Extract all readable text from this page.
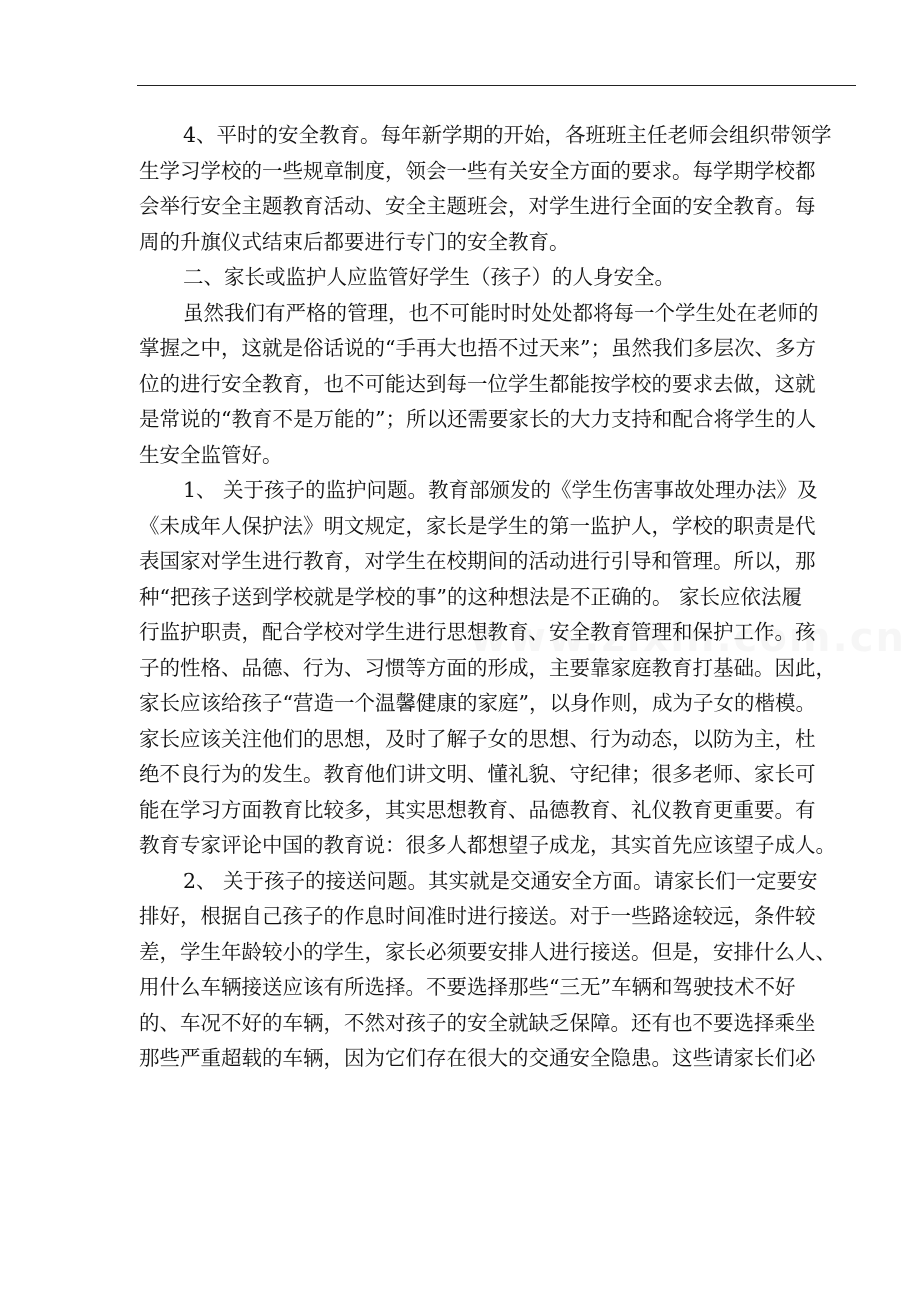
4、平时的安全教育。每年新学期的开始，各班班主任老师会组织带领学
生学习学校的一些规章制度，领会一些有关安全方面的要求。每学期学校都
会举行安全主题教育活动、安全主题班会，对学生进行全面的安全教育。每
周的升旗仪式结束后都要进行专门的安全教育。
二、家长或监护人应监管好学生（孩子）的人身安全。
虽然我们有严格的管理，也不可能时时处处都将每一个学生处在老师的
掌握之中，这就是俗话说的“手再大也捂不过天来”；虽然我们多层次、多方
位的进行安全教育，也不可能达到每一位学生都能按学校的要求去做，这就
是常说的“教育不是万能的”；所以还需要家长的大力支持和配合将学生的人
生安全监管好。
1、 关于孩子的监护问题。教育部颁发的《学生伤害事故处理办法》及
《未成年人保护法》明文规定，家长是学生的第一监护人，学校的职责是代
表国家对学生进行教育，对学生在校期间的活动进行引导和管理。所以，那
种“把孩子送到学校就是学校的事”的这种想法是不正确的。 家长应依法履
行监护职责，配合学校对学生进行思想教育、安全教育管理和保护工作。孩
子的性格、品德、行为、习惯等方面的形成，主要靠家庭教育打基础。因此，
家长应该给孩子“营造一个温馨健康的家庭”，以身作则，成为子女的楷模。
家长应该关注他们的思想，及时了解子女的思想、行为动态，以防为主，杜
绝不良行为的发生。教育他们讲文明、懂礼貌、守纪律；很多老师、家长可
能在学习方面教育比较多，其实思想教育、品德教育、礼仪教育更重要。有
教育专家评论中国的教育说：很多人都想望子成龙，其实首先应该望子成人。
2、 关于孩子的接送问题。其实就是交通安全方面。请家长们一定要安
排好，根据自己孩子的作息时间准时进行接送。对于一些路途较远，条件较
差，学生年龄较小的学生，家长必须要安排人进行接送。但是，安排什么人、
用什么车辆接送应该有所选择。不要选择那些“三无”车辆和驾驶技术不好
的、车况不好的车辆，不然对孩子的安全就缺乏保障。还有也不要选择乘坐
那些严重超载的车辆，因为它们存在很大的交通安全隐患。这些请家长们必
